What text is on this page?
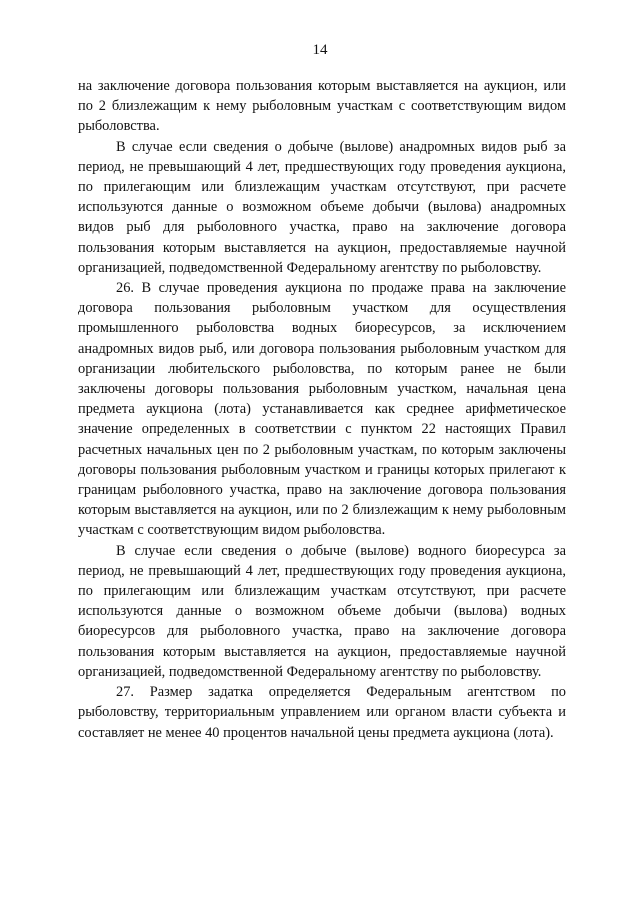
14

на заключение договора пользования которым выставляется на аукцион, или по 2 близлежащим к нему рыболовным участкам с соответствующим видом рыболовства.

В случае если сведения о добыче (вылове) анадромных видов рыб за период, не превышающий 4 лет, предшествующих году проведения аукциона, по прилегающим или близлежащим участкам отсутствуют, при расчете используются данные о возможном объеме добычи (вылова) анадромных видов рыб для рыболовного участка, право на заключение договора пользования которым выставляется на аукцион, предоставляемые научной организацией, подведомственной Федеральному агентству по рыболовству.

26. В случае проведения аукциона по продаже права на заключение договора пользования рыболовным участком для осуществления промышленного рыболовства водных биоресурсов, за исключением анадромных видов рыб, или договора пользования рыболовным участком для организации любительского рыболовства, по которым ранее не были заключены договоры пользования рыболовным участком, начальная цена предмета аукциона (лота) устанавливается как среднее арифметическое значение определенных в соответствии с пунктом 22 настоящих Правил расчетных начальных цен по 2 рыболовным участкам, по которым заключены договоры пользования рыболовным участком и границы которых прилегают к границам рыболовного участка, право на заключение договора пользования которым выставляется на аукцион, или по 2 близлежащим к нему рыболовным участкам с соответствующим видом рыболовства.

В случае если сведения о добыче (вылове) водного биоресурса за период, не превышающий 4 лет, предшествующих году проведения аукциона, по прилегающим или близлежащим участкам отсутствуют, при расчете используются данные о возможном объеме добычи (вылова) водных биоресурсов для рыболовного участка, право на заключение договора пользования которым выставляется на аукцион, предоставляемые научной организацией, подведомственной Федеральному агентству по рыболовству.

27. Размер задатка определяется Федеральным агентством по рыболовству, территориальным управлением или органом власти субъекта и составляет не менее 40 процентов начальной цены предмета аукциона (лота).
